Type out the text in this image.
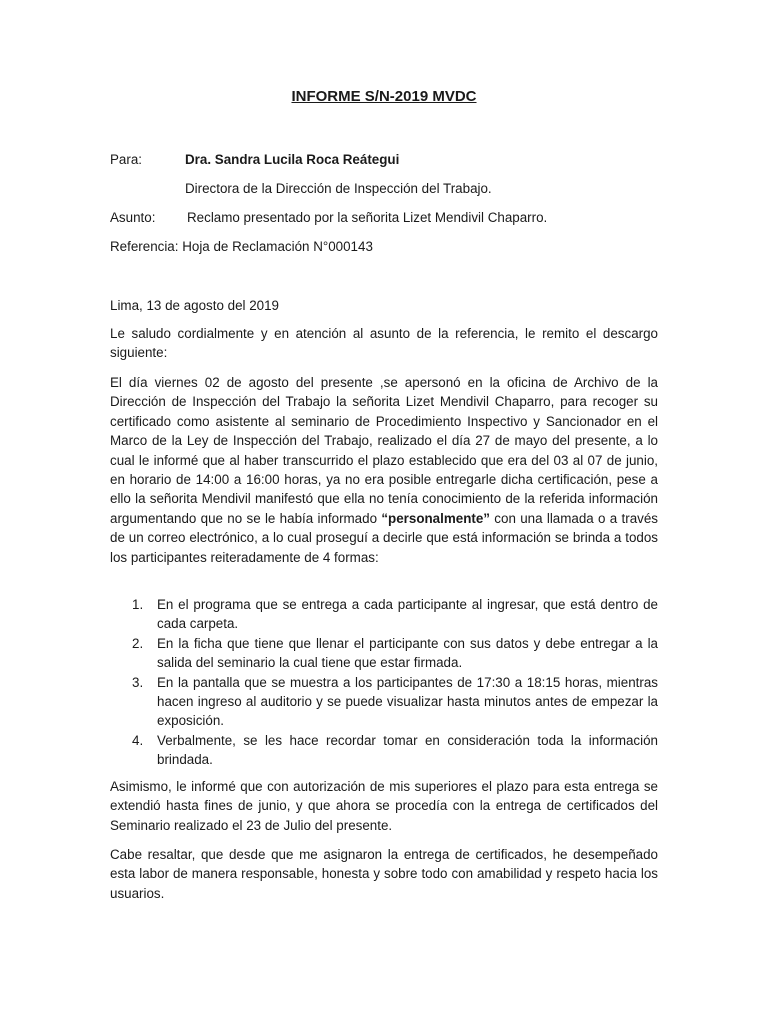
INFORME S/N-2019 MVDC
Para:	Dra. Sandra Lucila Roca Reátegui
Directora de la Dirección de Inspección del Trabajo.
Asunto: Reclamo presentado por la señorita Lizet Mendivil Chaparro.
Referencia: Hoja de Reclamación N°000143
Lima, 13 de agosto del 2019
Le saludo cordialmente y en atención al asunto de la referencia, le remito el descargo siguiente:
El día viernes 02 de agosto del presente ,se apersonó en la oficina de Archivo de la Dirección de Inspección del Trabajo la señorita Lizet Mendivil Chaparro, para recoger su certificado como asistente al seminario de Procedimiento Inspectivo y Sancionador en el Marco de la Ley de Inspección del Trabajo, realizado el día 27 de mayo del presente, a lo cual le informé que al haber transcurrido el plazo establecido que era del 03 al 07 de junio, en horario de 14:00 a 16:00 horas, ya no era posible entregarle dicha certificación, pese a ello la señorita Mendivil manifestó que ella no tenía conocimiento de la referida información argumentando que no se le había informado “personalmente” con una llamada o a través de un correo electrónico, a lo cual proseguí a decirle que está información se brinda a todos los participantes reiteradamente de 4 formas:
1. En el programa que se entrega a cada participante al ingresar, que está dentro de cada carpeta.
2. En la ficha que tiene que llenar el participante con sus datos y debe entregar a la salida del seminario la cual tiene que estar firmada.
3. En la pantalla que se muestra a los participantes de 17:30 a 18:15 horas, mientras hacen ingreso al auditorio y se puede visualizar hasta minutos antes de empezar la exposición.
4. Verbalmente, se les hace recordar tomar en consideración toda la información brindada.
Asimismo, le informé que con autorización de mis superiores el plazo para esta entrega se extendió hasta fines de junio, y que ahora se procedía con la entrega de certificados del Seminario realizado el 23 de Julio del presente.
Cabe resaltar, que desde que me asignaron la entrega de certificados, he desempeñado esta labor de manera responsable, honesta y sobre todo con amabilidad y respeto hacia los usuarios.
